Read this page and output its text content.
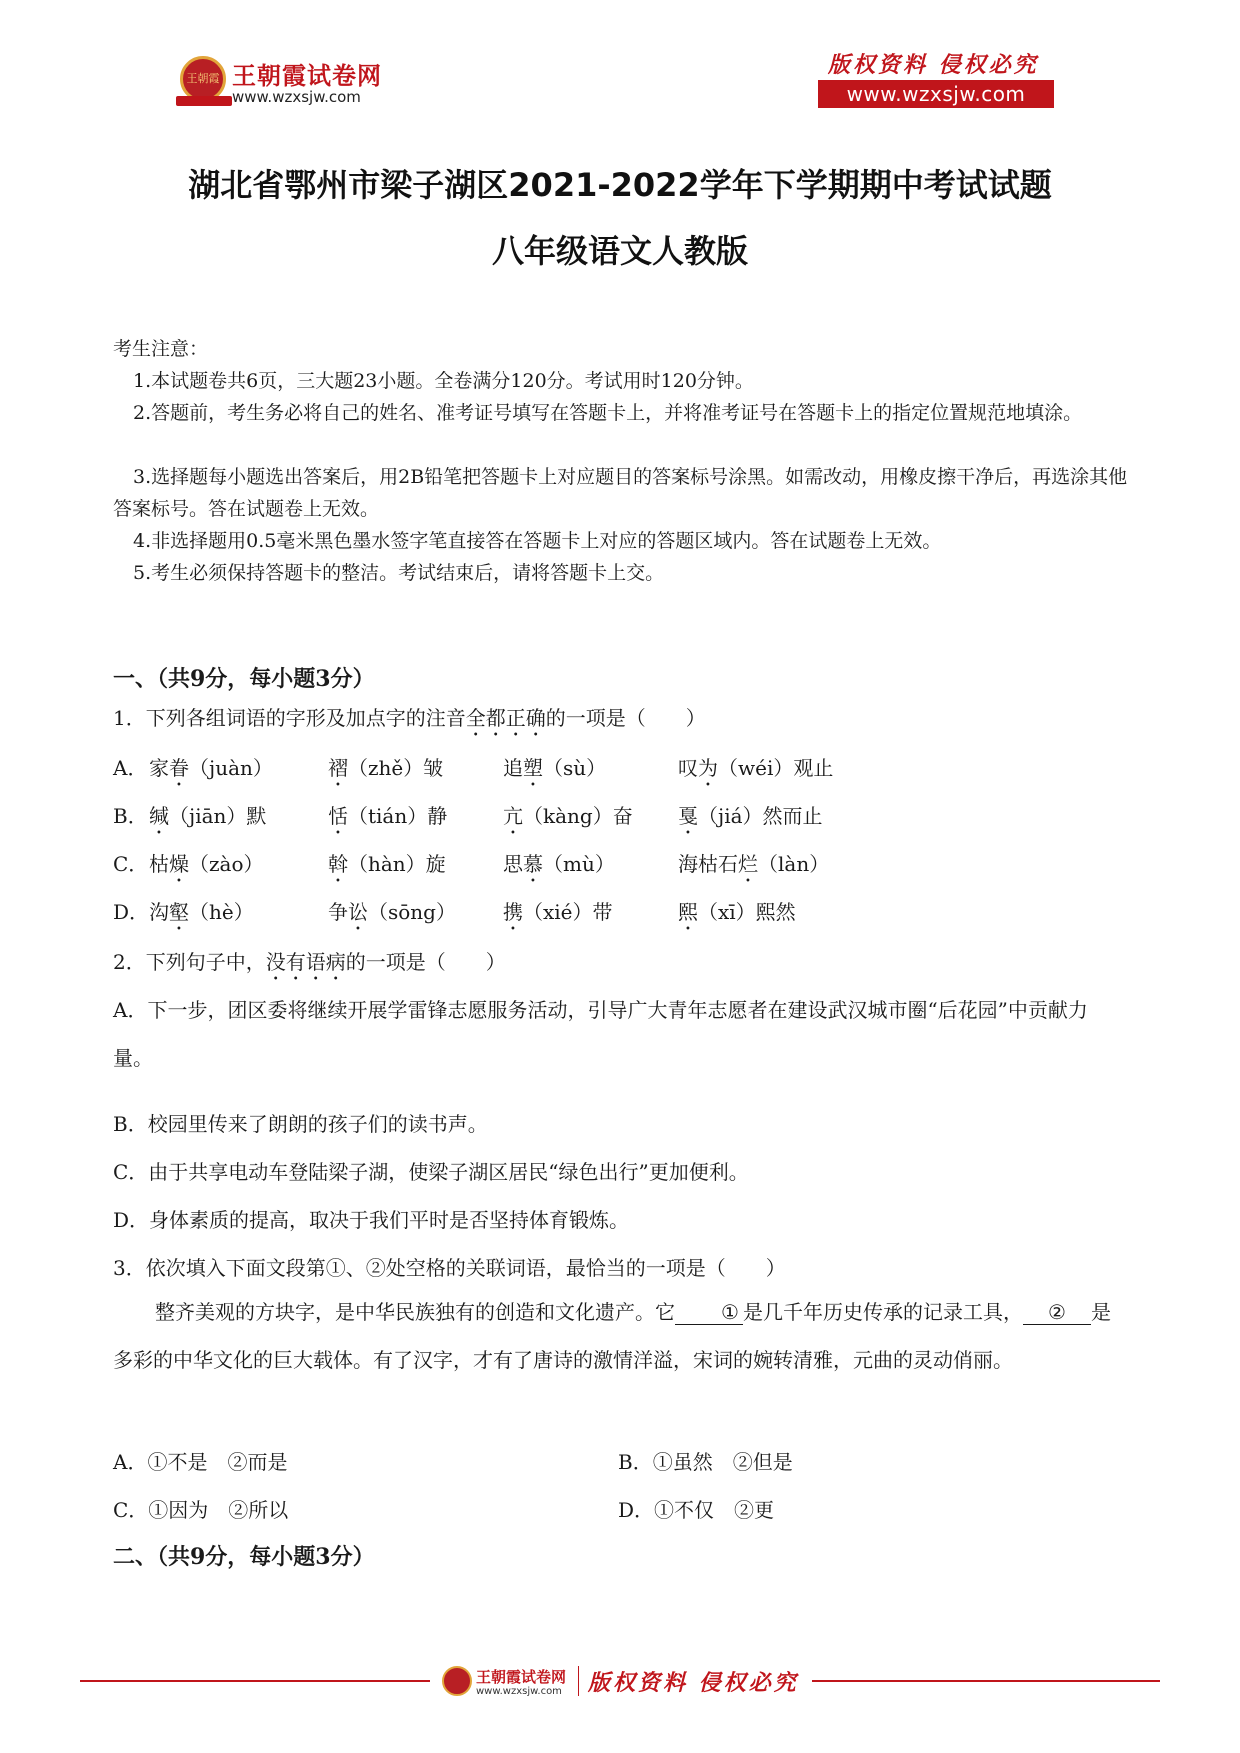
王朝霞 王朝霞试卷网
www.wzxsjw.com
版权资料 侵权必究
www.wzxsjw.com
湖北省鄂州市梁子湖区2021-2022学年下学期期中考试试题
八年级语文人教版
考生注意：
1.本试题卷共6页，三大题23小题。全卷满分120分。考试用时120分钟。
2.答题前，考生务必将自己的姓名、准考证号填写在答题卡上，并将准考证号在答题卡上的指定位置规范地填涂。
3.选择题每小题选出答案后，用2B铅笔把答题卡上对应题目的答案标号涂黑。如需改动，用橡皮擦干净后，再选涂其他答案标号。答在试题卷上无效。
4.非选择题用0.5毫米黑色墨水签字笔直接答在答题卡上对应的答题区域内。答在试题卷上无效。
5.考生必须保持答题卡的整洁。考试结束后，请将答题卡上交。
一、（共9分，每小题3分）
1．下列各组词语的字形及加点字的注音全都正确的一项是（　　）
A． 家眷（juàn）	褶（zhě）皱	追塑（sù）	叹为（wéi）观止
B． 缄（jiān）默	恬（tián）静	亢（kàng）奋 戛（jiá）然而止
C． 枯燥（zào）	斡（hàn）旋	思慕（mù）	海枯石烂（làn）
D． 沟壑（hè）	争讼（sōng） 携（xié）带	熙（xī）熙然
2．下列句子中，没有语病的一项是（　　）
A．下一步，团区委将继续开展学雷锋志愿服务活动，引导广大青年志愿者在建设武汉城市圈“后花园”中贡献力量。
B．校园里传来了朗朗的孩子们的读书声。
C．由于共享电动车登陆梁子湖，使梁子湖区居民“绿色出行”更加便利。
D．身体素质的提高，取决于我们平时是否坚持体育锻炼。
3．依次填入下面文段第①、②处空格的关联词语，最恰当的一项是（　　）
整齐美观的方块字，是中华民族独有的创造和文化遗产。它 ① 是几千年历史传承的记录工具， ② 是多彩的中华文化的巨大载体。有了汉字，才有了唐诗的激情洋溢，宋词的婉转清雅，元曲的灵动俏丽。
A．①不是　②而是	B．①虽然　②但是
C．①因为　②所以	D．①不仅　②更
二、（共9分，每小题3分）
王朝霞试卷网
www.wzxsjw.com 版权资料 侵权必究
